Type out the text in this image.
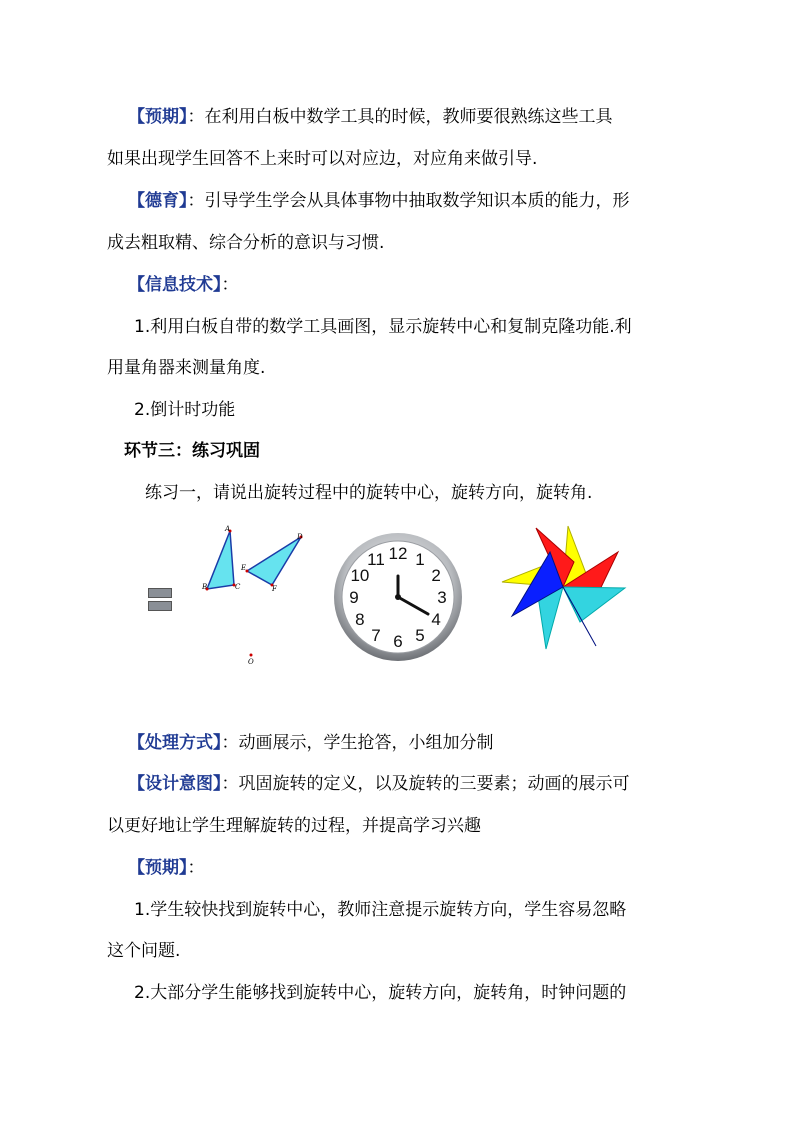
【预期】：在利用白板中数学工具的时候，教师要很熟练这些工具
如果出现学生回答不上来时可以对应边，对应角来做引导.
【德育】：引导学生学会从具体事物中抽取数学知识本质的能力，形
成去粗取精、综合分析的意识与习惯.
【信息技术】：
1.利用白板自带的数学工具画图，显示旋转中心和复制克隆功能.利
用量角器来测量角度.
2.倒计时功能
环节三：练习巩固
练习一，请说出旋转过程中的旋转中心，旋转方向，旋转角.
A
B	C
D
E
F
O
12 1
2
3
4
5
6
7
8
9
10
11
【处理方式】：动画展示，学生抢答，小组加分制
【设计意图】：巩固旋转的定义，以及旋转的三要素；动画的展示可
以更好地让学生理解旋转的过程，并提高学习兴趣
【预期】：
1.学生较快找到旋转中心，教师注意提示旋转方向，学生容易忽略
这个问题.
2.大部分学生能够找到旋转中心，旋转方向，旋转角，时钟问题的
